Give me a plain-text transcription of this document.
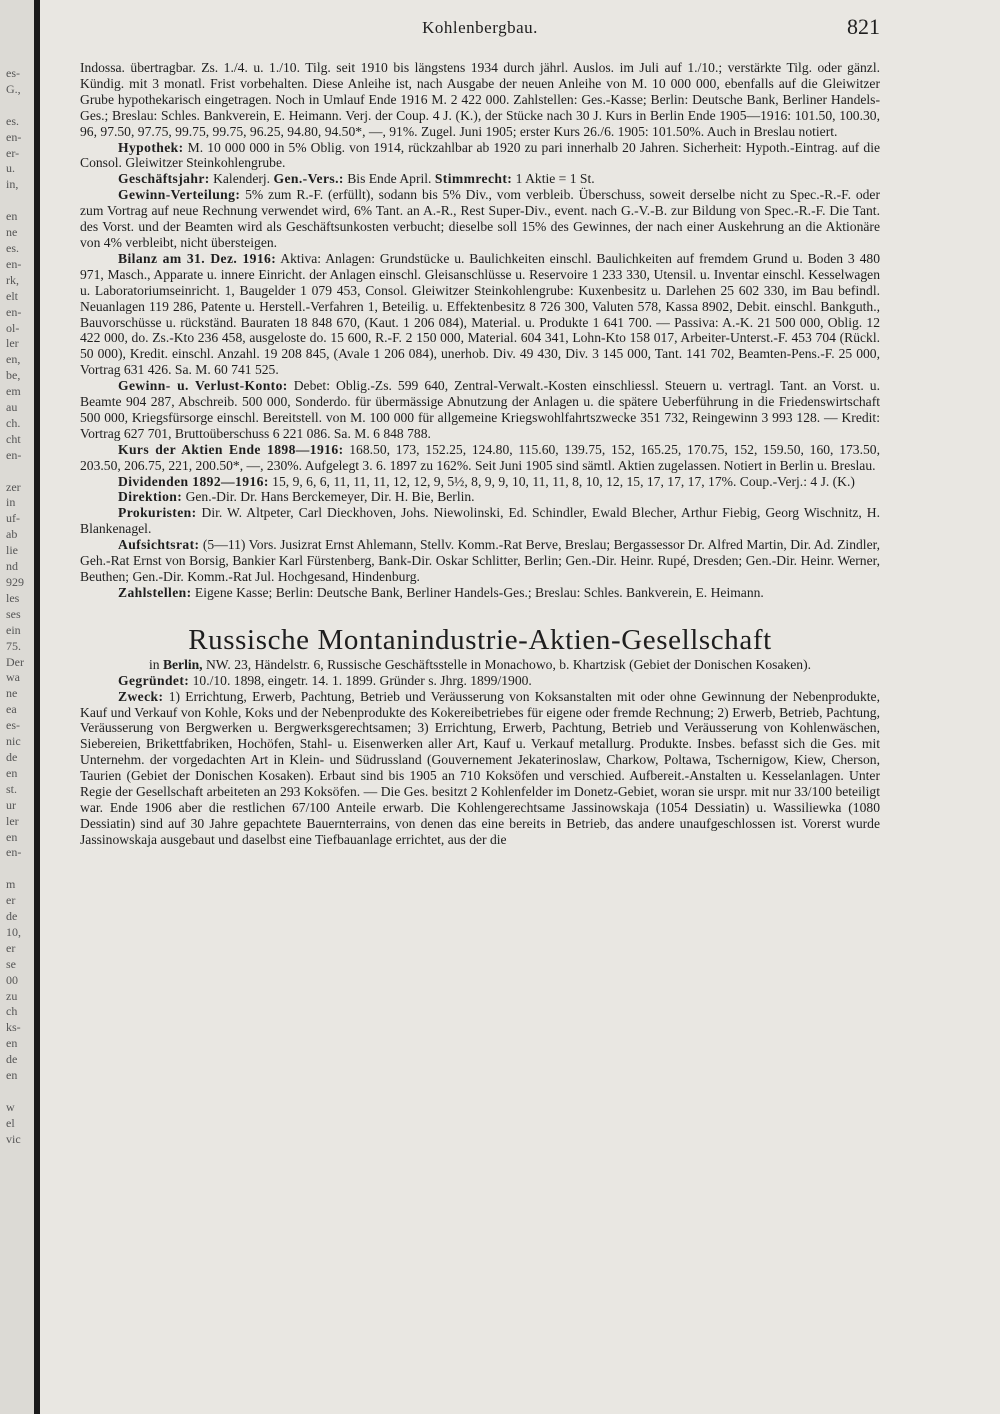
es-
G.,

es.
en-
er-
u.
in,

en
ne
es.
en-
rk,
elt
en-
ol-
ler
en,
be,
em
au
ch.
cht
en-

zer
in
uf-
ab
lie
nd
929
les
ses
ein
75.
Der
wa
ne
ea
es-
nic
de
en
st.
ur
ler
en
en-

m
er
de
10,
er
se
00
zu
ch
ks-
en
de
en

w
el
vic
Kohlenbergbau.	821

Indossa. übertragbar. Zs. 1./4. u. 1./10. Tilg. seit 1910 bis längstens 1934 durch jährl. Auslos. im Juli auf 1./10.; verstärkte Tilg. oder gänzl. Kündig. mit 3 monatl. Frist vorbehalten. Diese Anleihe ist, nach Ausgabe der neuen Anleihe von M. 10 000 000, ebenfalls auf die Gleiwitzer Grube hypothekarisch eingetragen. Noch in Umlauf Ende 1916 M. 2 422 000. Zahlstellen: Ges.-Kasse; Berlin: Deutsche Bank, Berliner Handels-Ges.; Breslau: Schles. Bankverein, E. Heimann. Verj. der Coup. 4 J. (K.), der Stücke nach 30 J. Kurs in Berlin Ende 1905—1916: 101.50, 100.30, 96, 97.50, 97.75, 99.75, 99.75, 96.25, 94.80, 94.50*, —, 91%. Zugel. Juni 1905; erster Kurs 26./6. 1905: 101.50%. Auch in Breslau notiert.

Hypothek: M. 10 000 000 in 5% Oblig. von 1914, rückzahlbar ab 1920 zu pari innerhalb 20 Jahren. Sicherheit: Hypoth.-Eintrag. auf die Consol. Gleiwitzer Steinkohlengrube.

Geschäftsjahr: Kalenderj. Gen.-Vers.: Bis Ende April. Stimmrecht: 1 Aktie = 1 St.

Gewinn-Verteilung: 5% zum R.-F. (erfüllt), sodann bis 5% Div., vom verbleib. Überschuss, soweit derselbe nicht zu Spec.-R.-F. oder zum Vortrag auf neue Rechnung verwendet wird, 6% Tant. an A.-R., Rest Super-Div., event. nach G.-V.-B. zur Bildung von Spec.-R.-F. Die Tant. des Vorst. und der Beamten wird als Geschäftsunkosten verbucht; dieselbe soll 15% des Gewinnes, der nach einer Auskehrung an die Aktionäre von 4% verbleibt, nicht übersteigen.

Bilanz am 31. Dez. 1916: Aktiva: Anlagen: Grundstücke u. Baulichkeiten einschl. Baulichkeiten auf fremdem Grund u. Boden 3 480 971, Masch., Apparate u. innere Einricht. der Anlagen einschl. Gleisanschlüsse u. Reservoire 1 233 330, Utensil. u. Inventar einschl. Kesselwagen u. Laboratoriumseinricht. 1, Baugelder 1 079 453, Consol. Gleiwitzer Steinkohlengrube: Kuxenbesitz u. Darlehen 25 602 330, im Bau befindl. Neuanlagen 119 286, Patente u. Herstell.-Verfahren 1, Beteilig. u. Effektenbesitz 8 726 300, Valuten 578, Kassa 8902, Debit. einschl. Bankguth., Bauvorschüsse u. rückständ. Bauraten 18 848 670, (Kaut. 1 206 084), Material. u. Produkte 1 641 700. — Passiva: A.-K. 21 500 000, Oblig. 12 422 000, do. Zs.-Kto 236 458, ausgeloste do. 15 600, R.-F. 2 150 000, Material. 604 341, Lohn-Kto 158 017, Arbeiter-Unterst.-F. 453 704 (Rückl. 50 000), Kredit. einschl. Anzahl. 19 208 845, (Avale 1 206 084), unerhob. Div. 49 430, Div. 3 145 000, Tant. 141 702, Beamten-Pens.-F. 25 000, Vortrag 631 426. Sa. M. 60 741 525.

Gewinn- u. Verlust-Konto: Debet: Oblig.-Zs. 599 640, Zentral-Verwalt.-Kosten einschliessl. Steuern u. vertragl. Tant. an Vorst. u. Beamte 904 287, Abschreib. 500 000, Sonderdo. für übermässige Abnutzung der Anlagen u. die spätere Ueberführung in die Friedenswirtschaft 500 000, Kriegsfürsorge einschl. Bereitstell. von M. 100 000 für allgemeine Kriegswohlfahrtszwecke 351 732, Reingewinn 3 993 128. — Kredit: Vortrag 627 701, Bruttoüberschuss 6 221 086. Sa. M. 6 848 788.

Kurs der Aktien Ende 1898—1916: 168.50, 173, 152.25, 124.80, 115.60, 139.75, 152, 165.25, 170.75, 152, 159.50, 160, 173.50, 203.50, 206.75, 221, 200.50*, —, 230%. Aufgelegt 3. 6. 1897 zu 162%. Seit Juni 1905 sind sämtl. Aktien zugelassen. Notiert in Berlin u. Breslau.

Dividenden 1892—1916: 15, 9, 6, 6, 11, 11, 11, 12, 12, 9, 5½, 8, 9, 9, 10, 11, 11, 8, 10, 12, 15, 17, 17, 17, 17%. Coup.-Verj.: 4 J. (K.)

Direktion: Gen.-Dir. Dr. Hans Berckemeyer, Dir. H. Bie, Berlin.

Prokuristen: Dir. W. Altpeter, Carl Dieckhoven, Johs. Niewolinski, Ed. Schindler, Ewald Blecher, Arthur Fiebig, Georg Wischnitz, H. Blankenagel.

Aufsichtsrat: (5—11) Vors. Jusizrat Ernst Ahlemann, Stellv. Komm.-Rat Berve, Breslau; Bergassessor Dr. Alfred Martin, Dir. Ad. Zindler, Geh.-Rat Ernst von Borsig, Bankier Karl Fürstenberg, Bank-Dir. Oskar Schlitter, Berlin; Gen.-Dir. Heinr. Rupé, Dresden; Gen.-Dir. Heinr. Werner, Beuthen; Gen.-Dir. Komm.-Rat Jul. Hochgesand, Hindenburg.

Zahlstellen: Eigene Kasse; Berlin: Deutsche Bank, Berliner Handels-Ges.; Breslau: Schles. Bankverein, E. Heimann.

Russische Montanindustrie-Aktien-Gesellschaft

in Berlin, NW. 23, Händelstr. 6, Russische Geschäftsstelle in Monachowo, b. Khartzisk (Gebiet der Donischen Kosaken).

Gegründet: 10./10. 1898, eingetr. 14. 1. 1899. Gründer s. Jhrg. 1899/1900.

Zweck: 1) Errichtung, Erwerb, Pachtung, Betrieb und Veräusserung von Koksanstalten mit oder ohne Gewinnung der Nebenprodukte, Kauf und Verkauf von Kohle, Koks und der Nebenprodukte des Kokereibetriebes für eigene oder fremde Rechnung; 2) Erwerb, Betrieb, Pachtung, Veräusserung von Bergwerken u. Bergwerksgerechtsamen; 3) Errichtung, Erwerb, Pachtung, Betrieb und Veräusserung von Kohlenwäschen, Siebereien, Brikettfabriken, Hochöfen, Stahl- u. Eisenwerken aller Art, Kauf u. Verkauf metallurg. Produkte. Insbes. befasst sich die Ges. mit Unternehm. der vorgedachten Art in Klein- und Südrussland (Gouvernement Jekaterinoslaw, Charkow, Poltawa, Tschernigow, Kiew, Cherson, Taurien (Gebiet der Donischen Kosaken). Erbaut sind bis 1905 an 710 Koksöfen und verschied. Aufbereit.-Anstalten u. Kesselanlagen. Unter Regie der Gesellschaft arbeiteten an 293 Koksöfen. — Die Ges. besitzt 2 Kohlenfelder im Donetz-Gebiet, woran sie urspr. mit nur 33/100 beteiligt war. Ende 1906 aber die restlichen 67/100 Anteile erwarb. Die Kohlengerechtsame Jassinowskaja (1054 Dessiatin) u. Wassiliewka (1080 Dessiatin) sind auf 30 Jahre gepachtete Bauernterrains, von denen das eine bereits in Betrieb, das andere unaufgeschlossen ist. Vorerst wurde Jassinowskaja ausgebaut und daselbst eine Tiefbauanlage errichtet, aus der die
